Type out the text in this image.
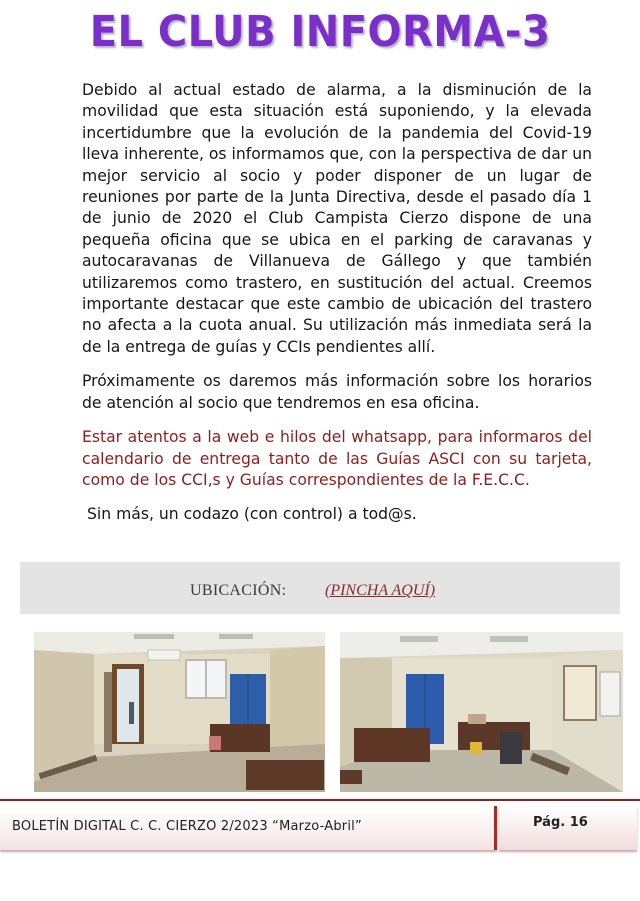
EL CLUB INFORMA-3

Debido al actual estado de alarma, a la disminución de la movilidad que esta situación está suponiendo, y la elevada incertidumbre que la evolución de la pandemia del Covid-19 lleva inherente, os informamos que, con la perspectiva de dar un mejor servicio al socio y poder disponer de un lugar de reuniones por parte de la Junta Directiva, desde el pasado día 1 de junio de 2020 el Club Campista Cierzo dispone de una pequeña oficina que se ubica en el parking de caravanas y autocaravanas de Villanueva de Gállego y que también utilizaremos como trastero, en sustitución del actual. Creemos importante destacar que este cambio de ubicación del trastero no afecta a la cuota anual. Su utilización más inmediata será la de la entrega de guías y CCIs pendientes allí.

Próximamente os daremos más información sobre los horarios de atención al socio que tendremos en esa oficina.

Estar atentos a la web e hilos del whatsapp, para informaros del calendario de entrega tanto de las Guías ASCI con su tarjeta, como de los CCI,s y Guías correspondientes de la F.E.C.C.

Sin más, un codazo (con control) a tod@s.

UBICACIÓN: (PINCHA AQUÍ)
BOLETÍN DIGITAL C. C. CIERZO 2/2023 “Marzo-Abril”	Pág. 16
